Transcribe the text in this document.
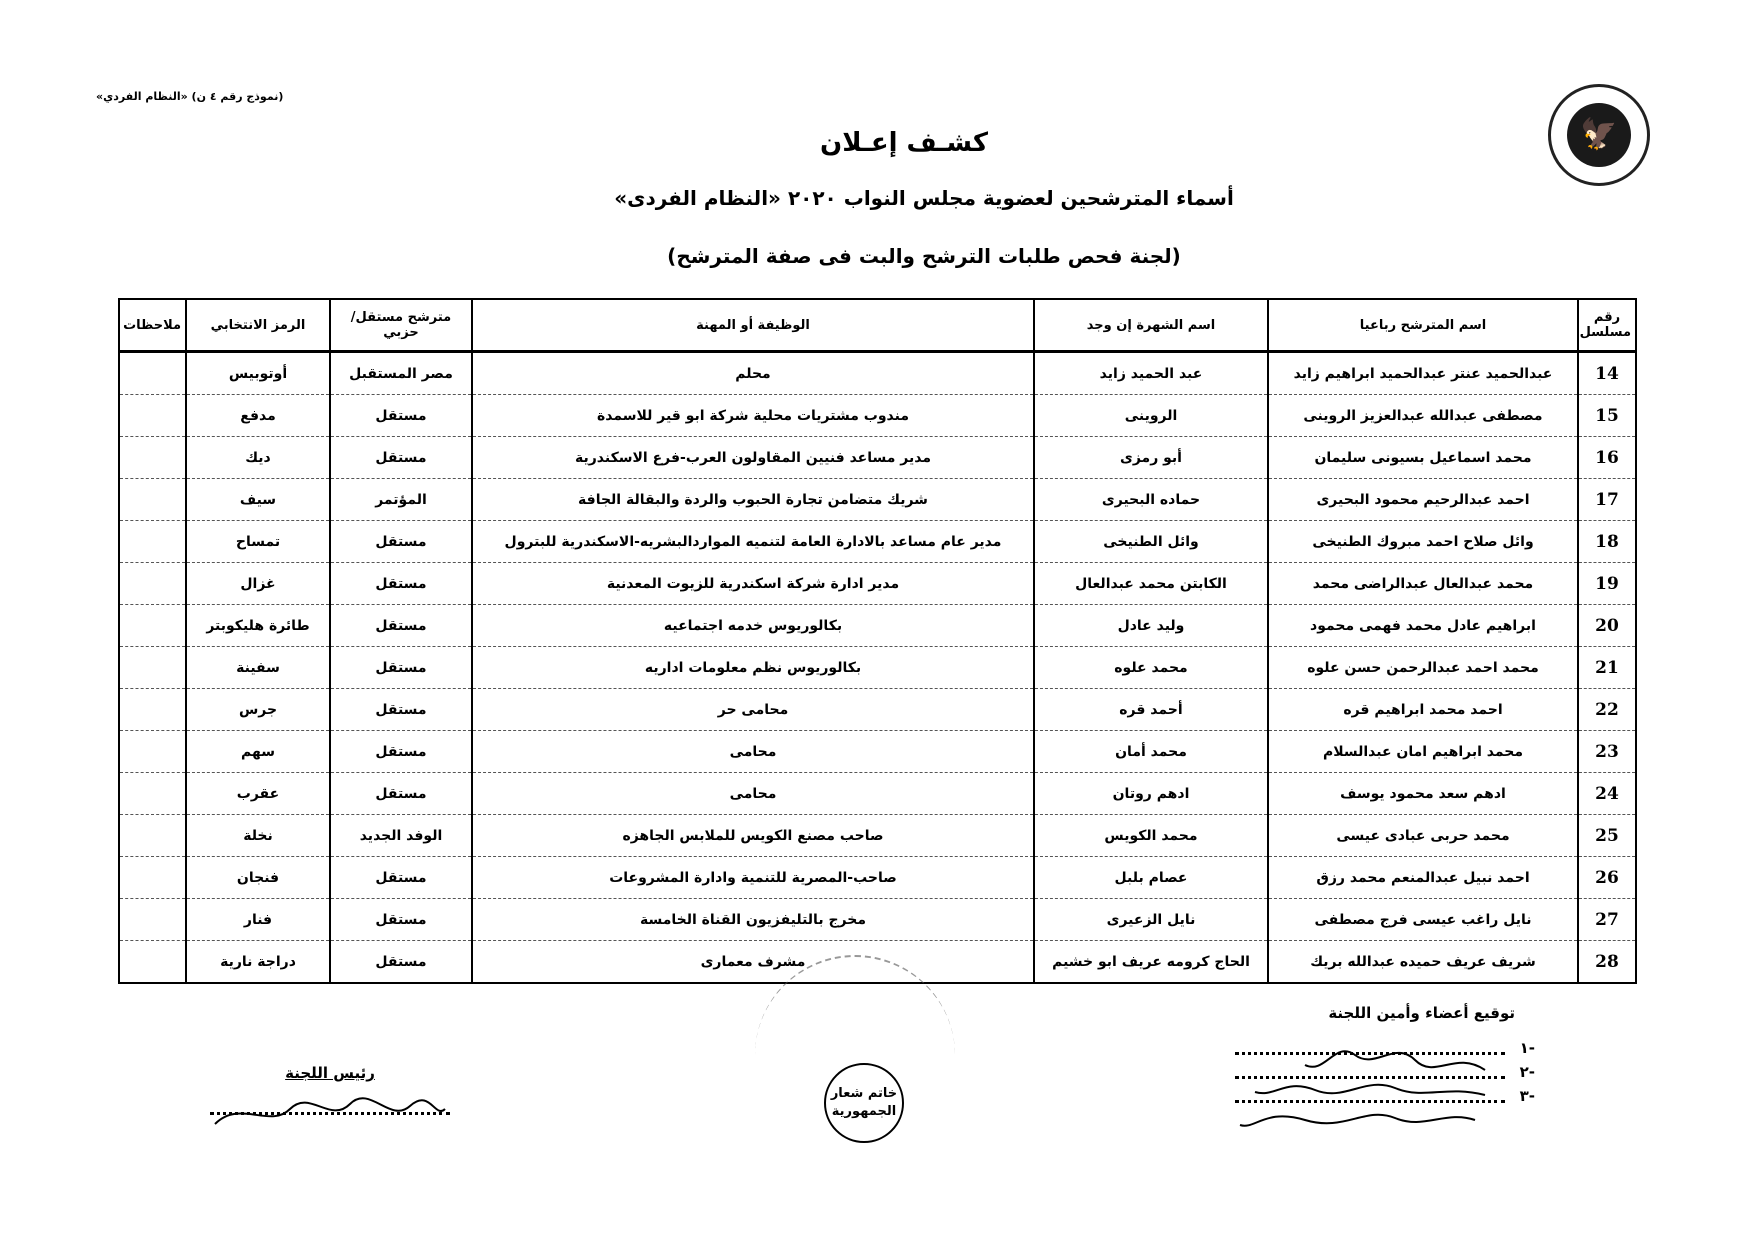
(نموذج رقم ٤ ن) «النظام الفردي»
🦅
كشـف إعـلان
أسماء المترشحين لعضوية مجلس النواب ٢٠٢٠ «النظام الفردى»
(لجنة فحص طلبات الترشح والبت فى صفة المترشح)
رقم مسلسل	اسم المترشح رباعيا	اسم الشهرة إن وجد	الوظيفة أو المهنة	مترشح مستقل/حزبي	الرمز الانتخابي	ملاحظات
14	عبدالحميد عنتر عبدالحميد ابراهيم زايد	عبد الحميد زايد	محلم	مصر المستقبل	أوتوبيس	
15	مصطفى عبدالله عبدالعزيز الروينى	الروينى	مندوب مشتريات محلية شركة ابو قير للاسمدة	مستقل	مدفع	
16	محمد اسماعيل بسيونى سليمان	أبو رمزى	مدير مساعد فنيين المقاولون العرب-فرع الاسكندرية	مستقل	ديك	
17	احمد عبدالرحيم محمود البحيرى	حماده البحيرى	شريك متضامن تجارة الحبوب والردة والبقالة الجافة	المؤتمر	سيف	
18	وائل صلاح احمد مبروك الطنيخى	وائل الطنيخى	مدير عام مساعد بالادارة العامة لتنميه المواردالبشريه-الاسكندرية للبترول	مستقل	تمساح	
19	محمد عبدالعال عبدالراضى محمد	الكابتن محمد عبدالعال	مدير ادارة شركة اسكندرية للزيوت المعدنية	مستقل	غزال	
20	ابراهيم عادل محمد فهمى محمود	وليد عادل	بكالوريوس خدمه اجتماعيه	مستقل	طائرة هليكوبتر	
21	محمد احمد عبدالرحمن حسن علوه	محمد علوه	بكالوريوس نظم معلومات اداريه	مستقل	سفينة	
22	احمد محمد ابراهيم قره	أحمد قره	محامى حر	مستقل	جرس	
23	محمد ابراهيم امان عبدالسلام	محمد أمان	محامى	مستقل	سهم	
24	ادهم سعد محمود يوسف	ادهم روتان	محامى	مستقل	عقرب	
25	محمد حربى عبادى عيسى	محمد الكويس	صاحب مصنع الكويس للملابس الجاهزه	الوفد الجديد	نخلة	
26	احمد نبيل عبدالمنعم محمد رزق	عصام بلبل	صاحب-المصرية للتنمية وادارة المشروعات	مستقل	فنجان	
27	نايل راغب عيسى فرج مصطفى	نايل الزعيرى	مخرج بالتليفزيون القناة الخامسة	مستقل	فنار	
28	شريف عريف حميده عبدالله بريك	الحاج كرومه عريف ابو خشيم	مشرف معمارى	مستقل	دراجة نارية	
خاتم شعار
الجمهورية
توقيع أعضاء وأمين اللجنة
-١
-٢
-٣
رئيس اللجنة
